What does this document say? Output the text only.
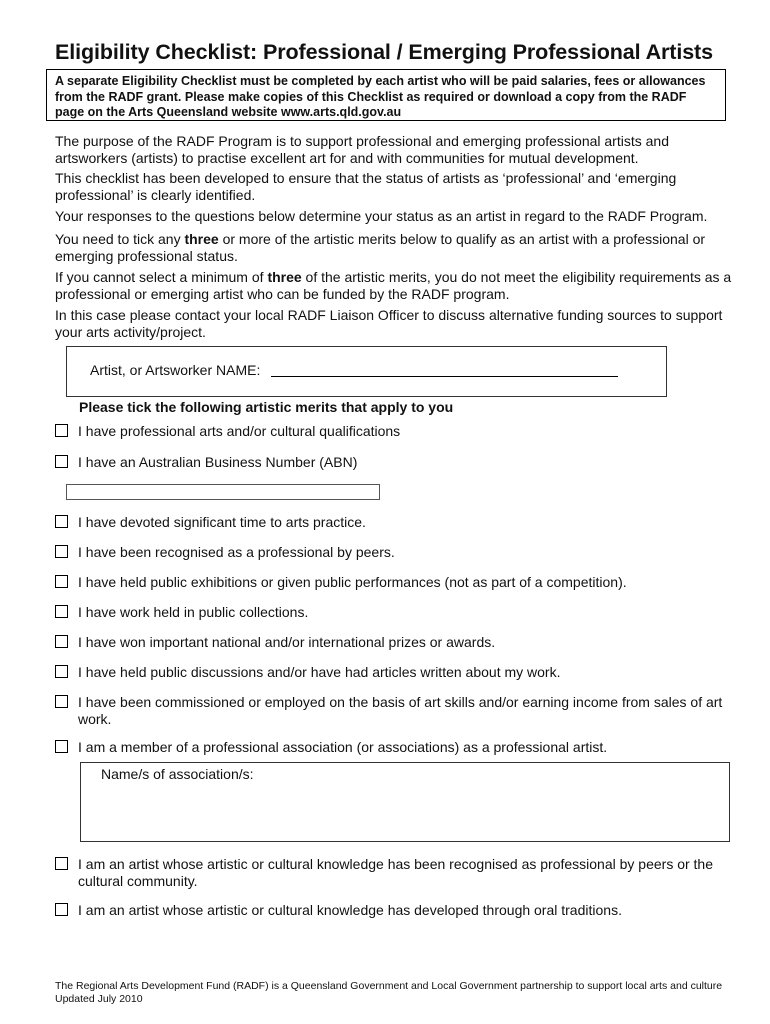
Eligibility Checklist: Professional / Emerging Professional Artists
A separate Eligibility Checklist must be completed by each artist who will be paid salaries, fees or allowances from the RADF grant. Please make copies of this Checklist as required or download a copy from the RADF page on the Arts Queensland website www.arts.qld.gov.au
The purpose of the RADF Program is to support professional and emerging professional artists and artsworkers (artists) to practise excellent art for and with communities for mutual development.
This checklist has been developed to ensure that the status of artists as ‘professional’ and ‘emerging professional’ is clearly identified.
Your responses to the questions below determine your status as an artist in regard to the RADF Program.
You need to tick any three or more of the artistic merits below to qualify as an artist with a professional or emerging professional status.
If you cannot select a minimum of three of the artistic merits, you do not meet the eligibility requirements as a professional or emerging artist who can be funded by the RADF program.
In this case please contact your local RADF Liaison Officer to discuss alternative funding sources to support your arts activity/project.
Artist, or Artsworker NAME:
Please tick the following artistic merits that apply to you
I have professional arts and/or cultural qualifications
I have an Australian Business Number (ABN)
I have devoted significant time to arts practice.
I have been recognised as a professional by peers.
I have held public exhibitions or given public performances (not as part of a competition).
I have work held in public collections.
I have won important national and/or international prizes or awards.
I have held public discussions and/or have had articles written about my work.
I have been commissioned or employed on the basis of art skills and/or earning income from sales of art work.
I am a member of a professional association (or associations) as a professional artist.
Name/s of association/s:
I am an artist whose artistic or cultural knowledge has been recognised as professional by peers or the cultural community.
I am an artist whose artistic or cultural knowledge has developed through oral traditions.
The Regional Arts Development Fund (RADF) is a Queensland Government and Local Government partnership to support local arts and culture
Updated July 2010
